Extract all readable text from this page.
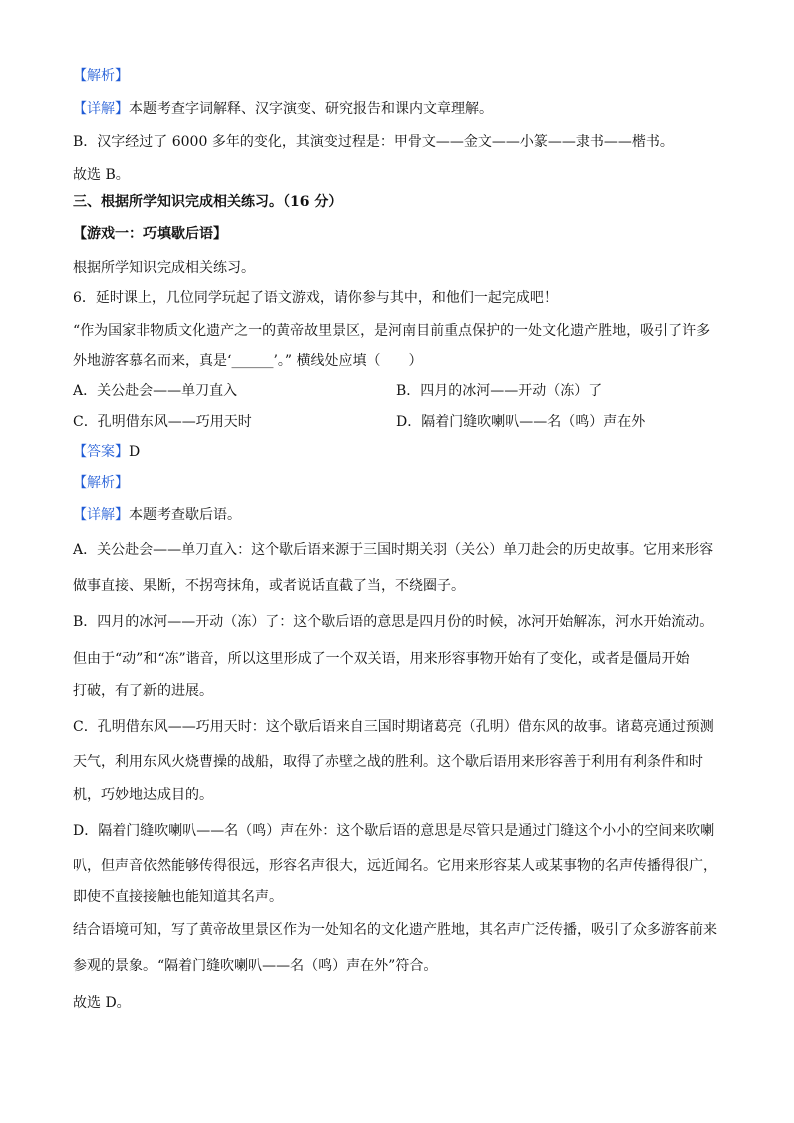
【解析】
【详解】本题考查字词解释、汉字演变、研究报告和课内文章理解。
B．汉字经过了 6000 多年的变化，其演变过程是：甲骨文——金文——小篆——隶书——楷书。
故选 B。
三、根据所学知识完成相关练习。（16 分）
【游戏一：巧填歇后语】
根据所学知识完成相关练习。
6．延时课上，几位同学玩起了语文游戏，请你参与其中，和他们一起完成吧！
“作为国家非物质文化遗产之一的黄帝故里景区，是河南目前重点保护的一处文化遗产胜地，吸引了许多
外地游客慕名而来，真是‘______’。” 横线处应填（　　）
A．关公赴会——单刀直入	B．四月的冰河——开动（冻）了
C．孔明借东风——巧用天时	D．隔着门缝吹喇叭——名（鸣）声在外
【答案】D
【解析】
【详解】本题考查歇后语。
A．关公赴会——单刀直入：这个歇后语来源于三国时期关羽（关公）单刀赴会的历史故事。它用来形容
做事直接、果断，不拐弯抹角，或者说话直截了当，不绕圈子。
B．四月的冰河——开动（冻）了：这个歇后语的意思是四月份的时候，冰河开始解冻，河水开始流动。
但由于“动”和“冻”谐音，所以这里形成了一个双关语，用来形容事物开始有了变化，或者是僵局开始
打破，有了新的进展。
C．孔明借东风——巧用天时：这个歇后语来自三国时期诸葛亮（孔明）借东风的故事。诸葛亮通过预测
天气，利用东风火烧曹操的战船，取得了赤壁之战的胜利。这个歇后语用来形容善于利用有利条件和时
机，巧妙地达成目的。
D．隔着门缝吹喇叭——名（鸣）声在外：这个歇后语的意思是尽管只是通过门缝这个小小的空间来吹喇
叭，但声音依然能够传得很远，形容名声很大，远近闻名。它用来形容某人或某事物的名声传播得很广，
即使不直接接触也能知道其名声。
结合语境可知，写了黄帝故里景区作为一处知名的文化遗产胜地，其名声广泛传播，吸引了众多游客前来
参观的景象。“隔着门缝吹喇叭——名（鸣）声在外”符合。
故选 D。
